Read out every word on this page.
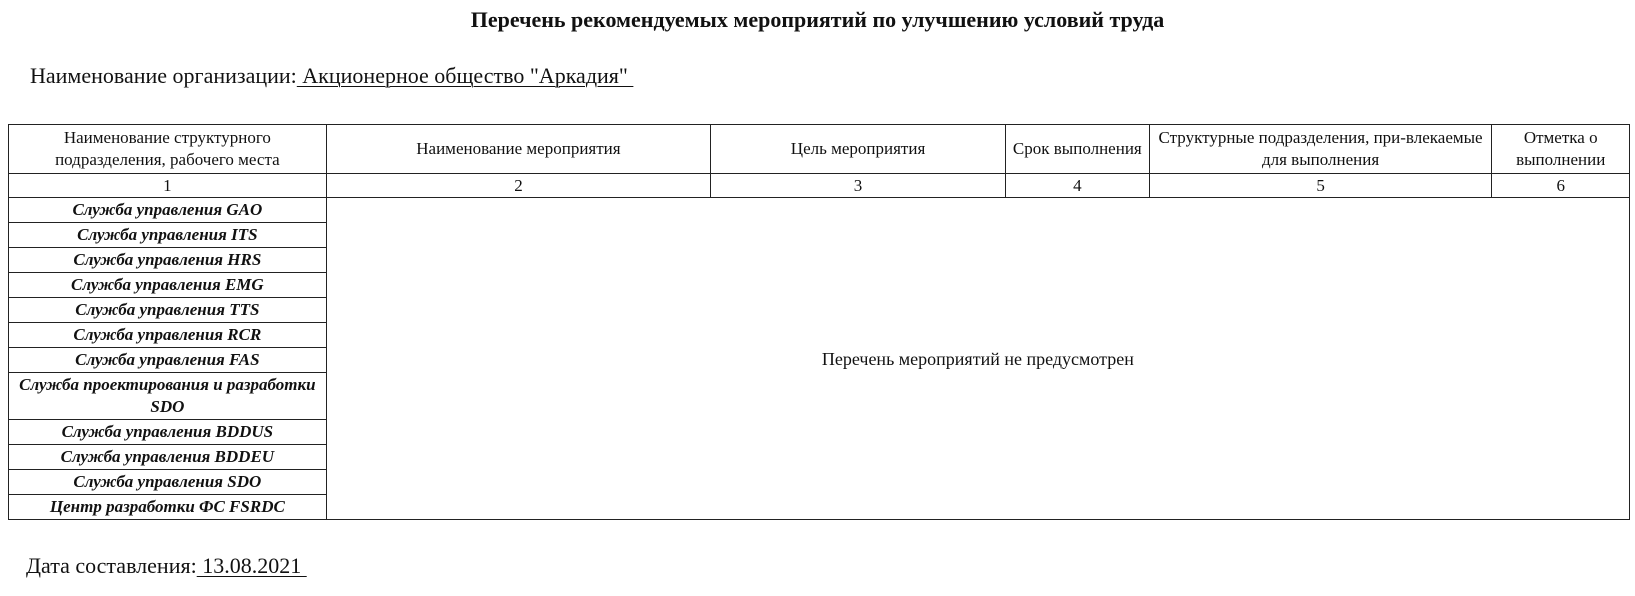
Перечень рекомендуемых мероприятий по улучшению условий труда
Наименование организации: Акционерное общество "Аркадия"
Наименование структурного подразделения, рабочего места	Наименование мероприятия	Цель мероприятия	Срок выполнения	Структурные подразделения, при-влекаемые для выполнения	Отметка о выполнении
1	2	3	4	5	6
Служба управления GAO	Перечень мероприятий не предусмотрен				
Служба управления ITS					
Служба управления HRS					
Служба управления EMG					
Служба управления TTS					
Служба управления RCR					
Служба управления FAS					
Служба проектирования и разработки SDO					
Служба управления BDDUS					
Служба управления BDDEU					
Служба управления SDO					
Центр разработки ФС FSRDC					
Дата составления: 13.08.2021
